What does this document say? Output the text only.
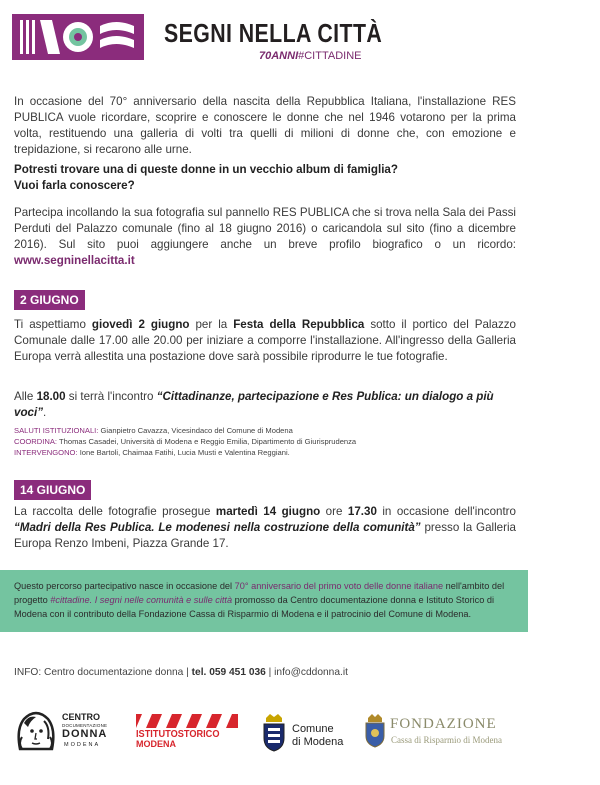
SEGNI NELLA CITTÀ
70ANNI#CITTADINE
In occasione del 70° anniversario della nascita della Repubblica Italiana, l'installazione RES PUBLICA vuole ricordare, scoprire e conoscere le donne che nel 1946 votarono per la prima volta, restituendo una galleria di volti tra quelli di milioni di donne che, con emozione e trepidazione, si recarono alle urne.
Potresti trovare una di queste donne in un vecchio album di famiglia?
Vuoi farla conoscere?
Partecipa incollando la sua fotografia sul pannello RES PUBLICA che si trova nella Sala dei Passi Perduti del Palazzo comunale (fino al 18 giugno 2016) o caricandola sul sito (fino a dicembre 2016). Sul sito puoi aggiungere anche un breve profilo biografico o un ricordo: www.segninellacitta.it
2 GIUGNO
Ti aspettiamo giovedì 2 giugno per la Festa della Repubblica sotto il portico del Palazzo Comunale dalle 17.00 alle 20.00 per iniziare a comporre l'installazione. All'ingresso della Galleria Europa verrà allestita una postazione dove sarà possibile riprodurre le tue fotografie.
Alle 18.00 si terrà l'incontro “Cittadinanze, partecipazione e Res Publica: un dialogo a più voci”.
SALUTI ISTITUZIONALI: Gianpietro Cavazza, Vicesindaco del Comune di Modena
COORDINA: Thomas Casadei, Università di Modena e Reggio Emilia, Dipartimento di Giurisprudenza
INTERVENGONO: Ione Bartoli, Chaimaa Fatihi, Lucia Musti e Valentina Reggiani.
14 GIUGNO
La raccolta delle fotografie prosegue martedì 14 giugno ore 17.30 in occasione dell'incontro “Madri della Res Publica. Le modenesi nella costruzione della comunità” presso la Galleria Europa Renzo Imbeni, Piazza Grande 17.
Questo percorso partecipativo nasce in occasione del 70° anniversario del primo voto delle donne italiane nell'ambito del progetto #cittadine. I segni nelle comunità e sulle città promosso da Centro documentazione donna e Istituto Storico di Modena con il contributo della Fondazione Cassa di Risparmio di Modena e il patrocinio del Comune di Modena.
INFO: Centro documentazione donna | tel. 059 451 036 | info@cddonna.it
CENTRO
DOCUMENTAZIONE
DONNA
MODENA
ISTITUTOSTORICO
MODENA
Comune
di Modena
FONDAZIONE
Cassa di Risparmio di Modena
